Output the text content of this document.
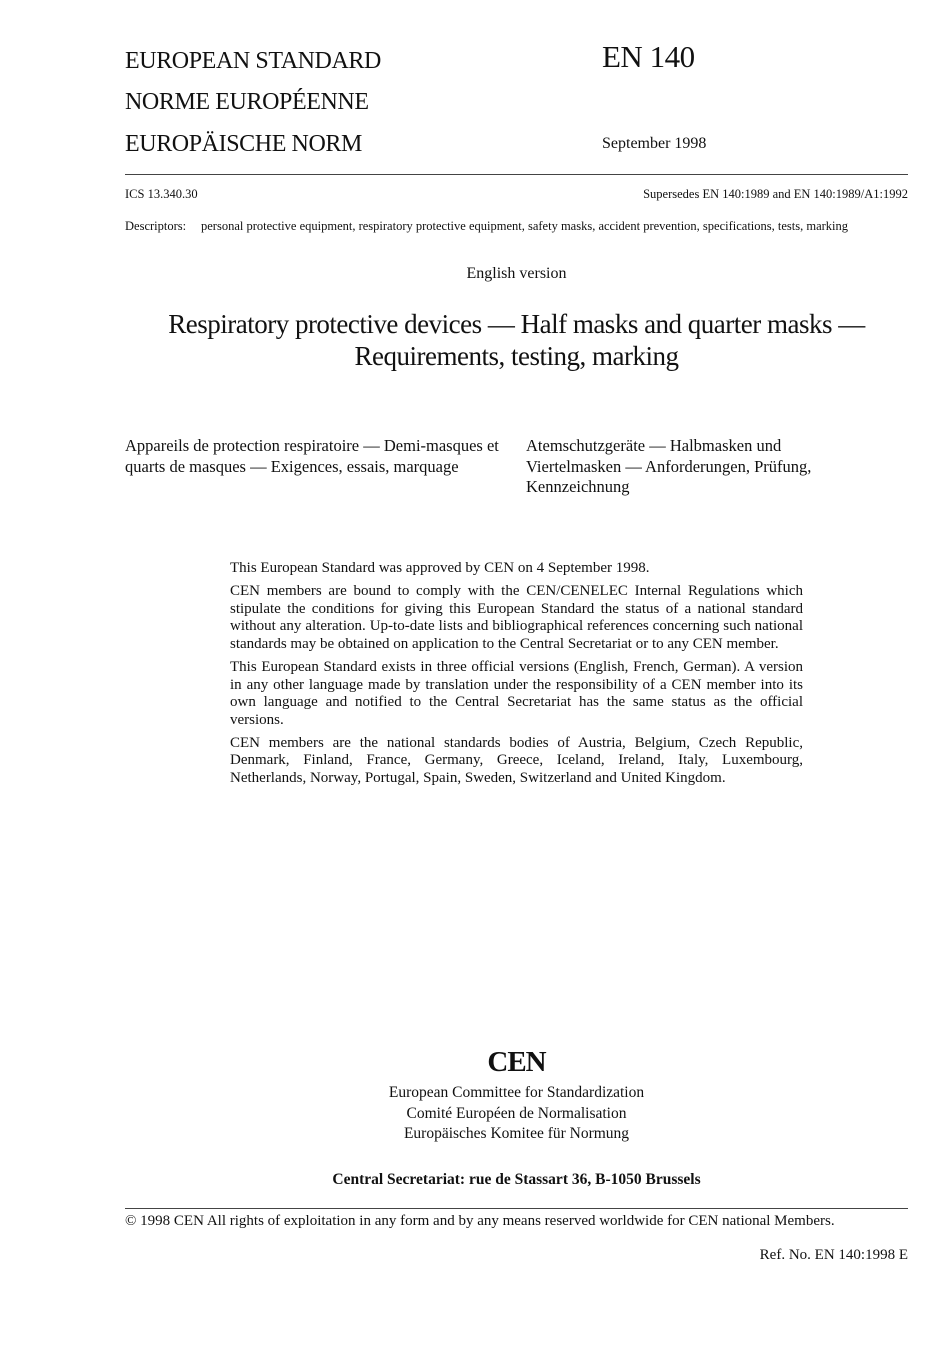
EUROPEAN STANDARD
NORME EUROPÉENNE
EUROPÄISCHE NORM
EN 140
September 1998
ICS 13.340.30	Supersedes EN 140:1989 and EN 140:1989/A1:1992
Descriptors: personal protective equipment, respiratory protective equipment, safety masks, accident prevention, specifications, tests, marking
English version
Respiratory protective devices — Half masks and quarter masks —
Requirements, testing, marking
Appareils de protection respiratoire — Demi-masques et quarts de masques — Exigences, essais, marquage
Atemschutzgeräte — Halbmasken und Viertelmasken — Anforderungen, Prüfung, Kennzeichnung

This European Standard was approved by CEN on 4 September 1998.

CEN members are bound to comply with the CEN/CENELEC Internal Regulations which stipulate the conditions for giving this European Standard the status of a national standard without any alteration. Up-to-date lists and bibliographical references concerning such national standards may be obtained on application to the Central Secretariat or to any CEN member.

This European Standard exists in three official versions (English, French, German). A version in any other language made by translation under the responsibility of a CEN member into its own language and notified to the Central Secretariat has the same status as the official versions.

CEN members are the national standards bodies of Austria, Belgium, Czech Republic, Denmark, Finland, France, Germany, Greece, Iceland, Ireland, Italy, Luxembourg, Netherlands, Norway, Portugal, Spain, Sweden, Switzerland and United Kingdom.

CEN
European Committee for Standardization
Comité Européen de Normalisation
Europäisches Komitee für Normung
Central Secretariat: rue de Stassart 36, B-1050 Brussels
© 1998 CEN All rights of exploitation in any form and by any means reserved worldwide for CEN national Members.
Ref. No. EN 140:1998 E
